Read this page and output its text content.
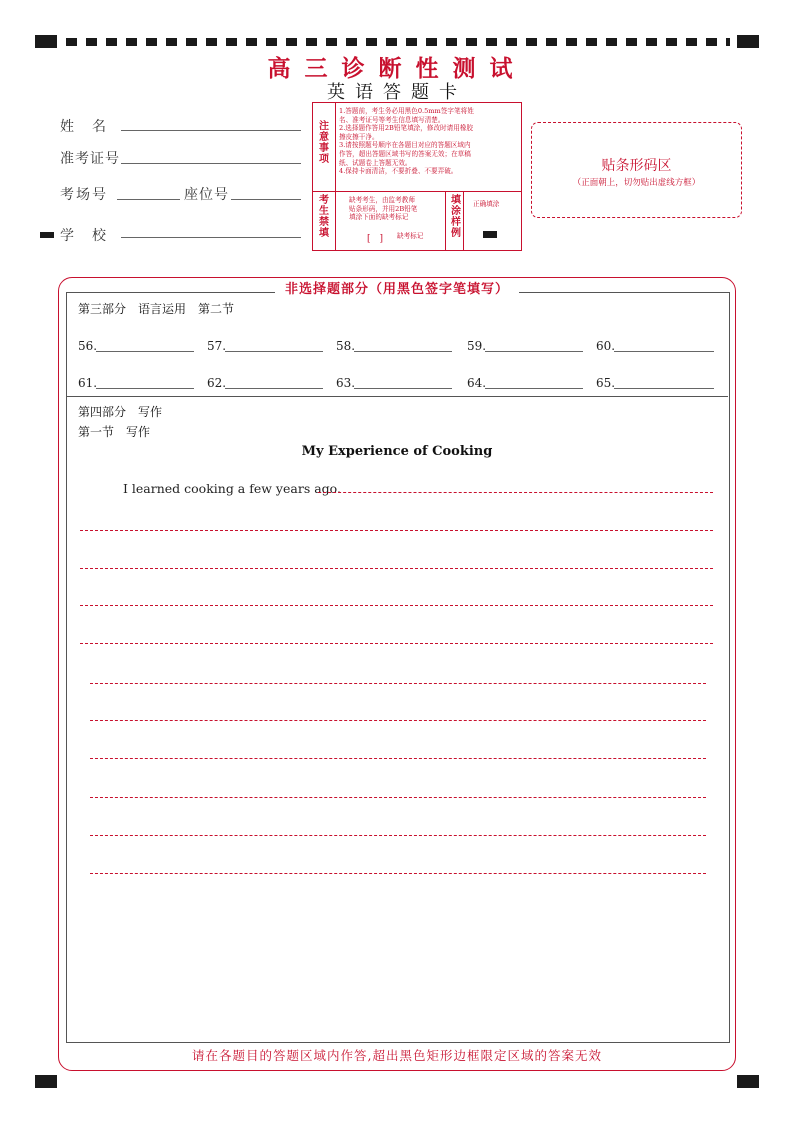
高三诊断性测试
英语答题卡
姓　名
准考证号
考场号	座位号
学　校
注意事项
1.答题前，考生务必用黑色0.5mm签字笔将姓
名、准考证号等考生信息填写清楚。
2.选择题作答用2B铅笔填涂，修改时请用橡胶
擦皮擦干净。
3.请按照题号顺序在各题目对应的答题区域内
作答，超出答题区域书写的答案无效；在草稿
纸、试题卷上答题无效。
4.保持卡面清洁，不要折叠、不要弄破。
考生禁填
缺考考生，由监考教师
贴条形码，并用2B铅笔
填涂下面的缺考标记
[　] 缺考标记
填涂样例
正确填涂
贴条形码区
（正面朝上，切勿贴出虚线方框）
非选择题部分（用黑色签字笔填写）
第三部分　语言运用　第二节
56.	57.	58.	59.	60.
61.	62.	63.	64.	65.
第四部分　写作
第一节　写作
My Experience of Cooking
I learned cooking a few years ago.
请在各题目的答题区域内作答,超出黑色矩形边框限定区域的答案无效
